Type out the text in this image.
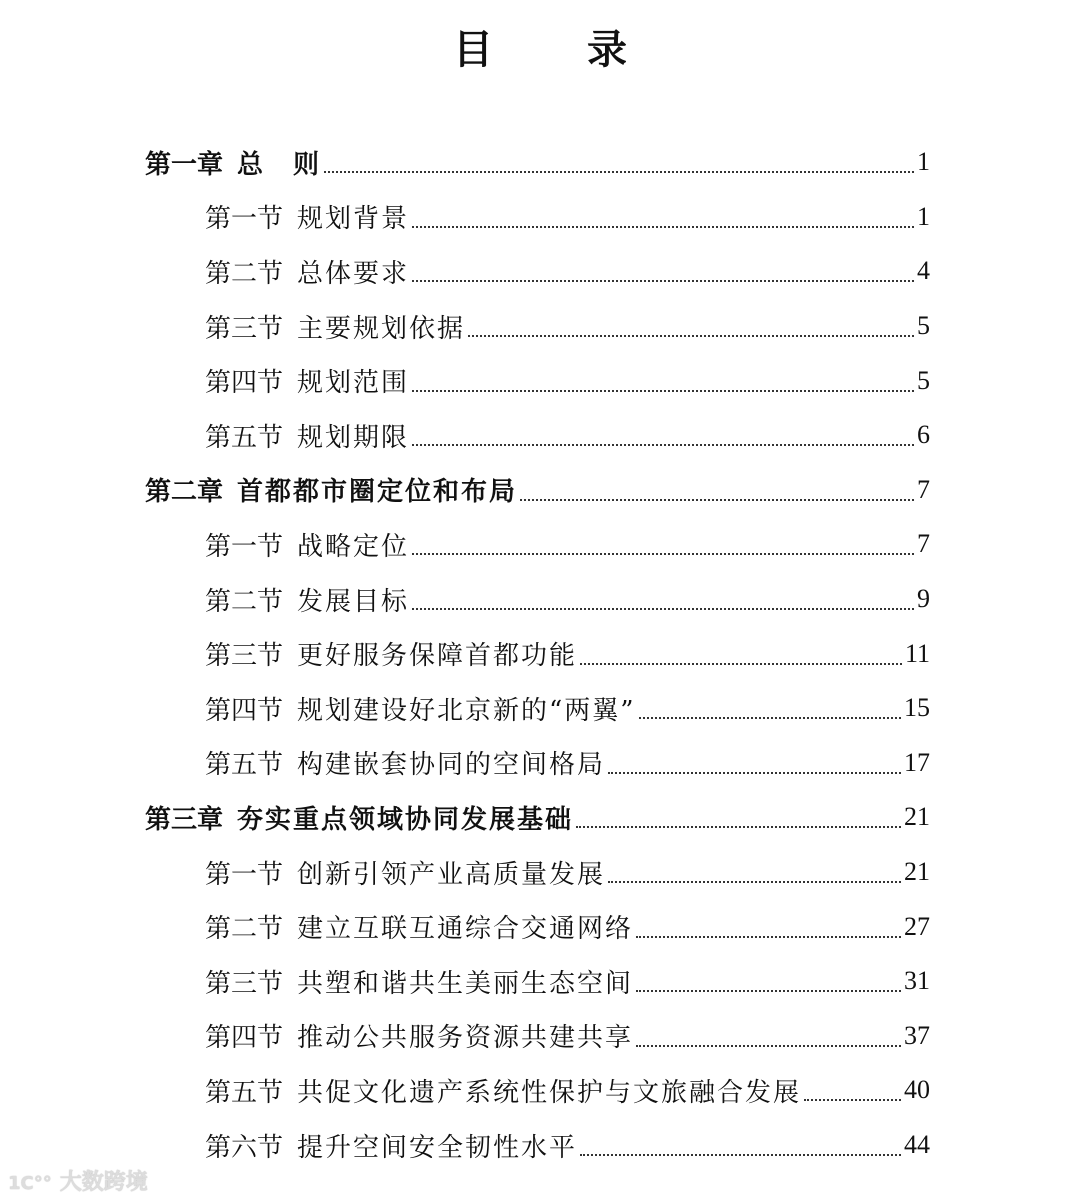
目 录
第一章 总　则	1
第一节 规划背景	1
第二节 总体要求	4
第三节 主要规划依据	5
第四节 规划范围	5
第五节 规划期限	6
第二章 首都都市圈定位和布局	7
第一节 战略定位	7
第二节 发展目标	9
第三节 更好服务保障首都功能	11
第四节 规划建设好北京新的“两翼”	15
第五节 构建嵌套协同的空间格局	17
第三章 夯实重点领域协同发展基础	21
第一节 创新引领产业高质量发展	21
第二节 建立互联互通综合交通网络	27
第三节 共塑和谐共生美丽生态空间	31
第四节 推动公共服务资源共建共享	37
第五节 共促文化遗产系统性保护与文旅融合发展	40
第六节 提升空间安全韧性水平	44
1C°° 大数跨境
